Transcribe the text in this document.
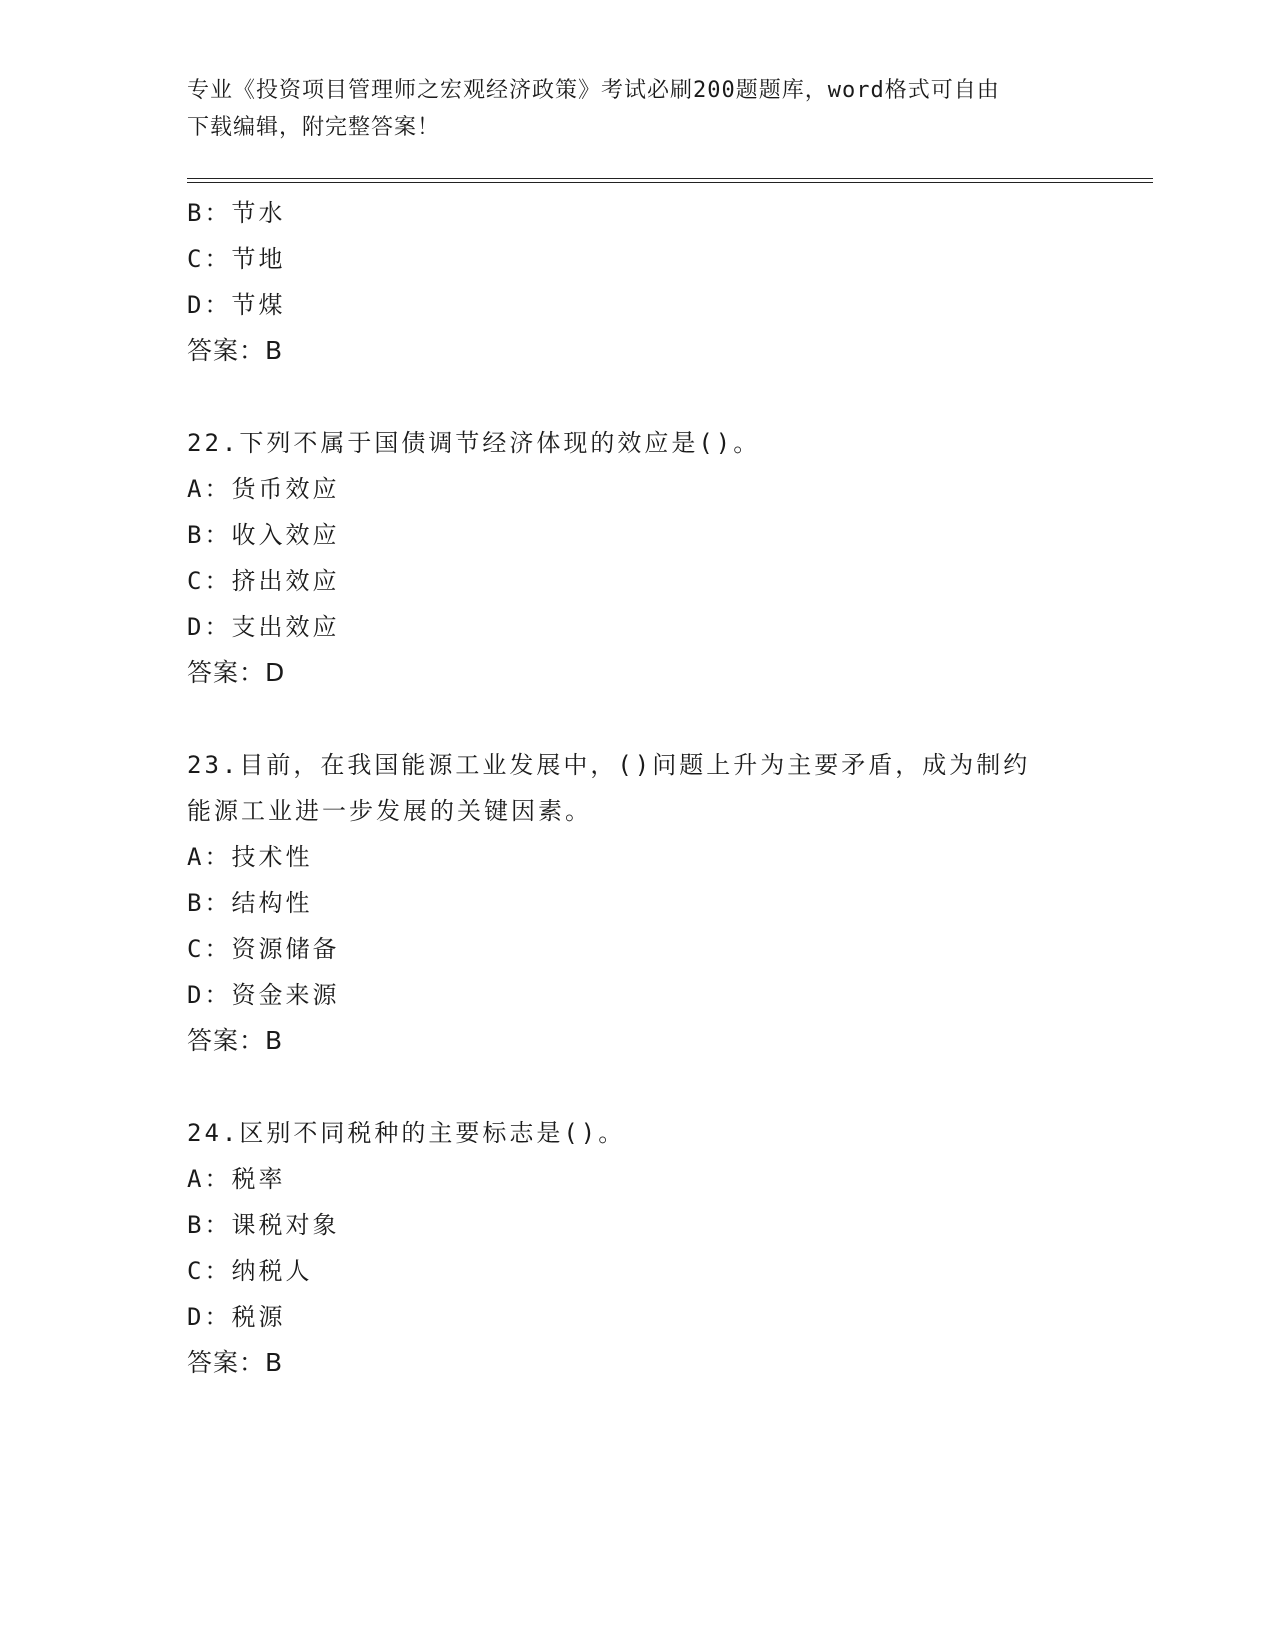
专业《投资项目管理师之宏观经济政策》考试必刷200题题库，word格式可自由
下载编辑，附完整答案！
B：节水
C：节地
D：节煤
答案：B
22.下列不属于国债调节经济体现的效应是()。
A：货币效应
B：收入效应
C：挤出效应
D：支出效应
答案：D
23.目前，在我国能源工业发展中，()问题上升为主要矛盾，成为制约
能源工业进一步发展的关键因素。
A：技术性
B：结构性
C：资源储备
D：资金来源
答案：B
24.区别不同税种的主要标志是()。
A：税率
B：课税对象
C：纳税人
D：税源
答案：B
